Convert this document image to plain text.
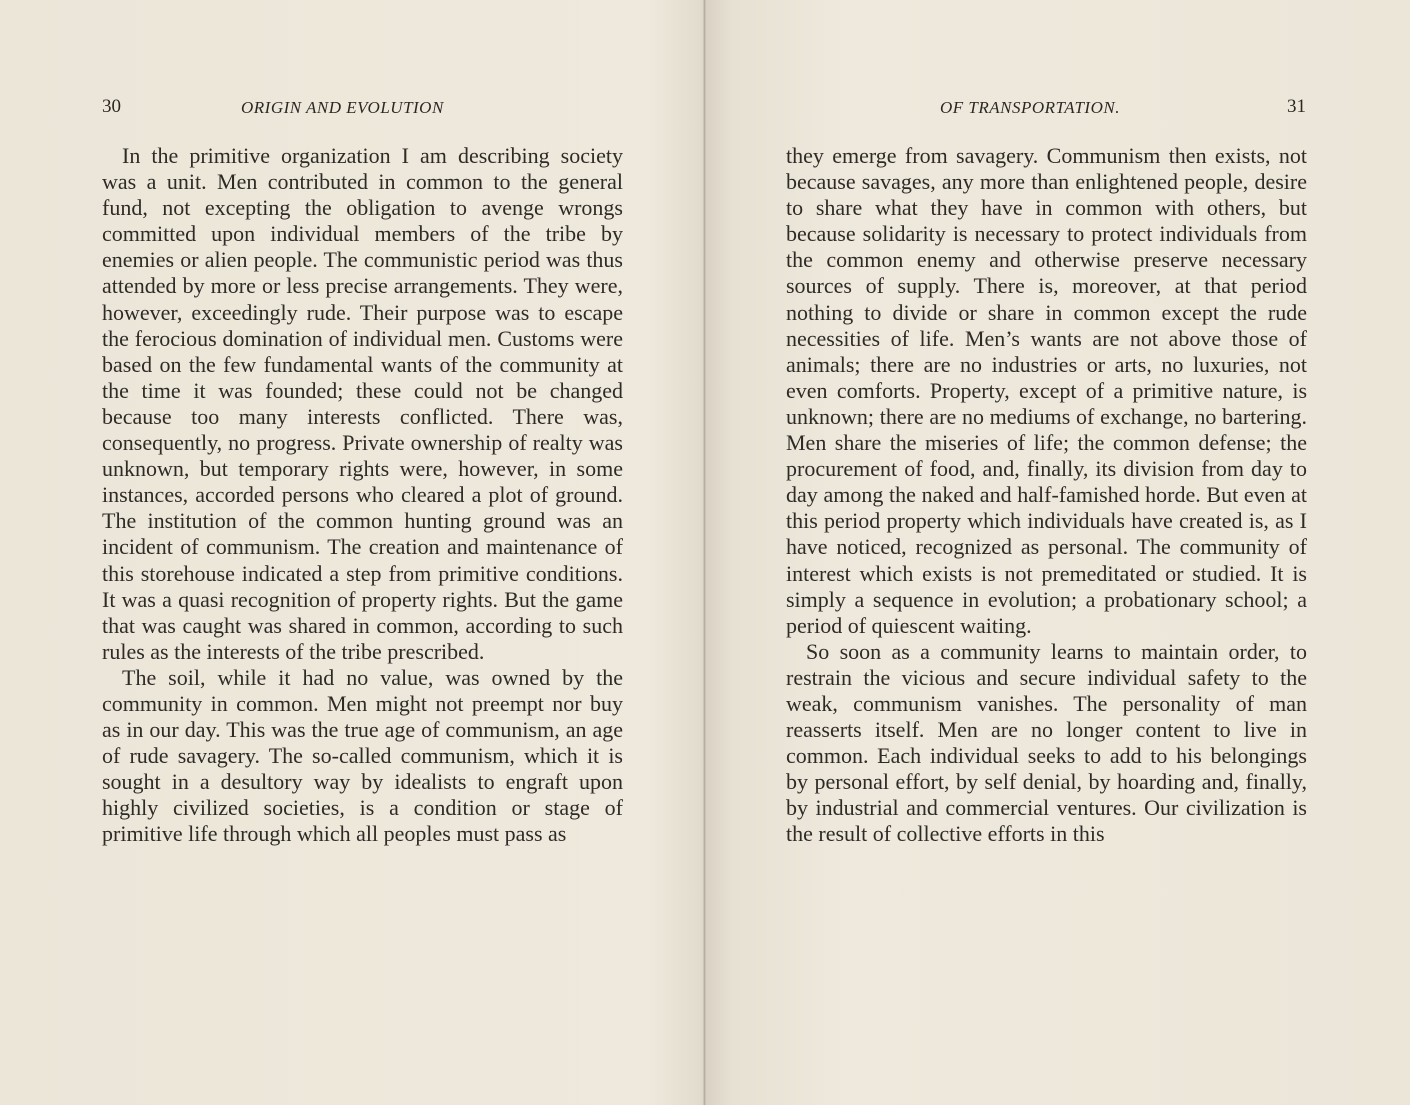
30	ORIGIN AND EVOLUTION

In the primitive organization I am describing society was a unit. Men contributed in common to the general fund, not excepting the obligation to avenge wrongs committed upon individual members of the tribe by enemies or alien people. The communistic period was thus attended by more or less precise arrangements. They were, however, exceedingly rude. Their purpose was to escape the ferocious domination of individual men. Customs were based on the few fundamental wants of the community at the time it was founded; these could not be changed because too many interests conflicted. There was, consequently, no progress. Private ownership of realty was unknown, but temporary rights were, however, in some instances, accorded persons who cleared a plot of ground. The institution of the common hunting ground was an incident of communism. The creation and maintenance of this storehouse indicated a step from primitive conditions. It was a quasi recognition of property rights. But the game that was caught was shared in common, according to such rules as the interests of the tribe prescribed.

The soil, while it had no value, was owned by the community in common. Men might not preempt nor buy as in our day. This was the true age of communism, an age of rude savagery. The so-called communism, which it is sought in a desultory way by idealists to engraft upon highly civilized societies, is a condition or stage of primitive life through which all peoples must pass as

OF TRANSPORTATION.	31

they emerge from savagery. Communism then exists, not because savages, any more than enlightened people, desire to share what they have in common with others, but because solidarity is necessary to protect individuals from the common enemy and otherwise preserve necessary sources of supply. There is, moreover, at that period nothing to divide or share in common except the rude necessities of life. Men’s wants are not above those of animals; there are no industries or arts, no luxuries, not even comforts. Property, except of a primitive nature, is unknown; there are no mediums of exchange, no bartering. Men share the miseries of life; the common defense; the procurement of food, and, finally, its division from day to day among the naked and half-famished horde. But even at this period property which individuals have created is, as I have noticed, recognized as personal. The community of interest which exists is not premeditated or studied. It is simply a sequence in evolution; a probationary school; a period of quiescent waiting.

So soon as a community learns to maintain order, to restrain the vicious and secure individual safety to the weak, communism vanishes. The personality of man reasserts itself. Men are no longer content to live in common. Each individual seeks to add to his belongings by personal effort, by self denial, by hoarding and, finally, by industrial and commercial ventures. Our civilization is the result of collective efforts in this
